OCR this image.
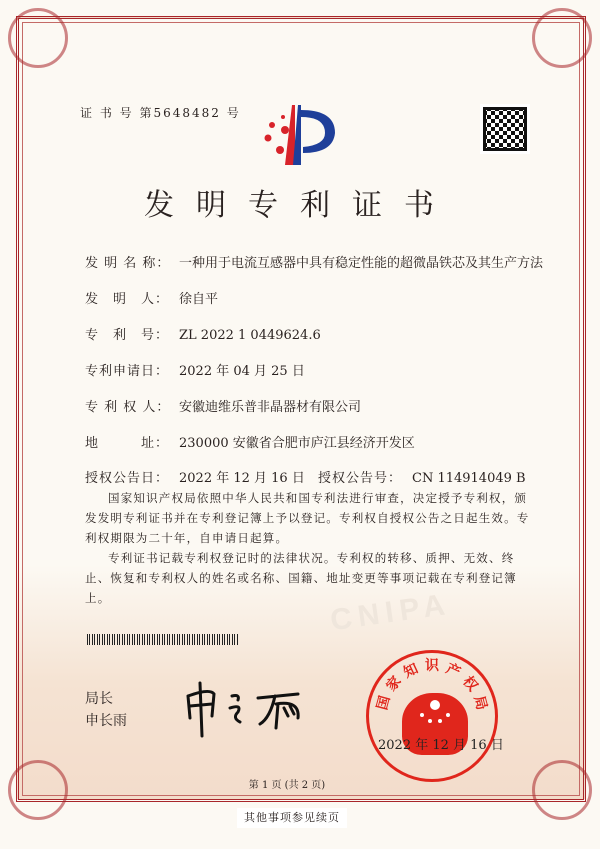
CNIPA
证 书 号 第5648482 号
发明专利证书
发 明 名 称： 一种用于电流互感器中具有稳定性能的超微晶铁芯及其生产方法
发　明　人： 徐自平
专　利　号： ZL 2022 1 0449624.6
专利申请日： 2022 年 04 月 25 日
专 利 权 人： 安徽迪维乐普非晶器材有限公司
地　　　址： 230000 安徽省合肥市庐江县经济开发区
授权公告日： 2022 年 12 月 16 日 授权公告号： CN 114914049 B

国家知识产权局依照中华人民共和国专利法进行审查，决定授予专利权，颁发发明专利证书并在专利登记簿上予以登记。专利权自授权公告之日起生效。专利权期限为二十年，自申请日起算。

专利证书记载专利权登记时的法律状况。专利权的转移、质押、无效、终止、恢复和专利权人的姓名或名称、国籍、地址变更等事项记载在专利登记簿上。

局长
申长雨
国
家
知 识 产
权
局
2022 年 12 月 16 日
第 1 页 (共 2 页)
其他事项参见续页
